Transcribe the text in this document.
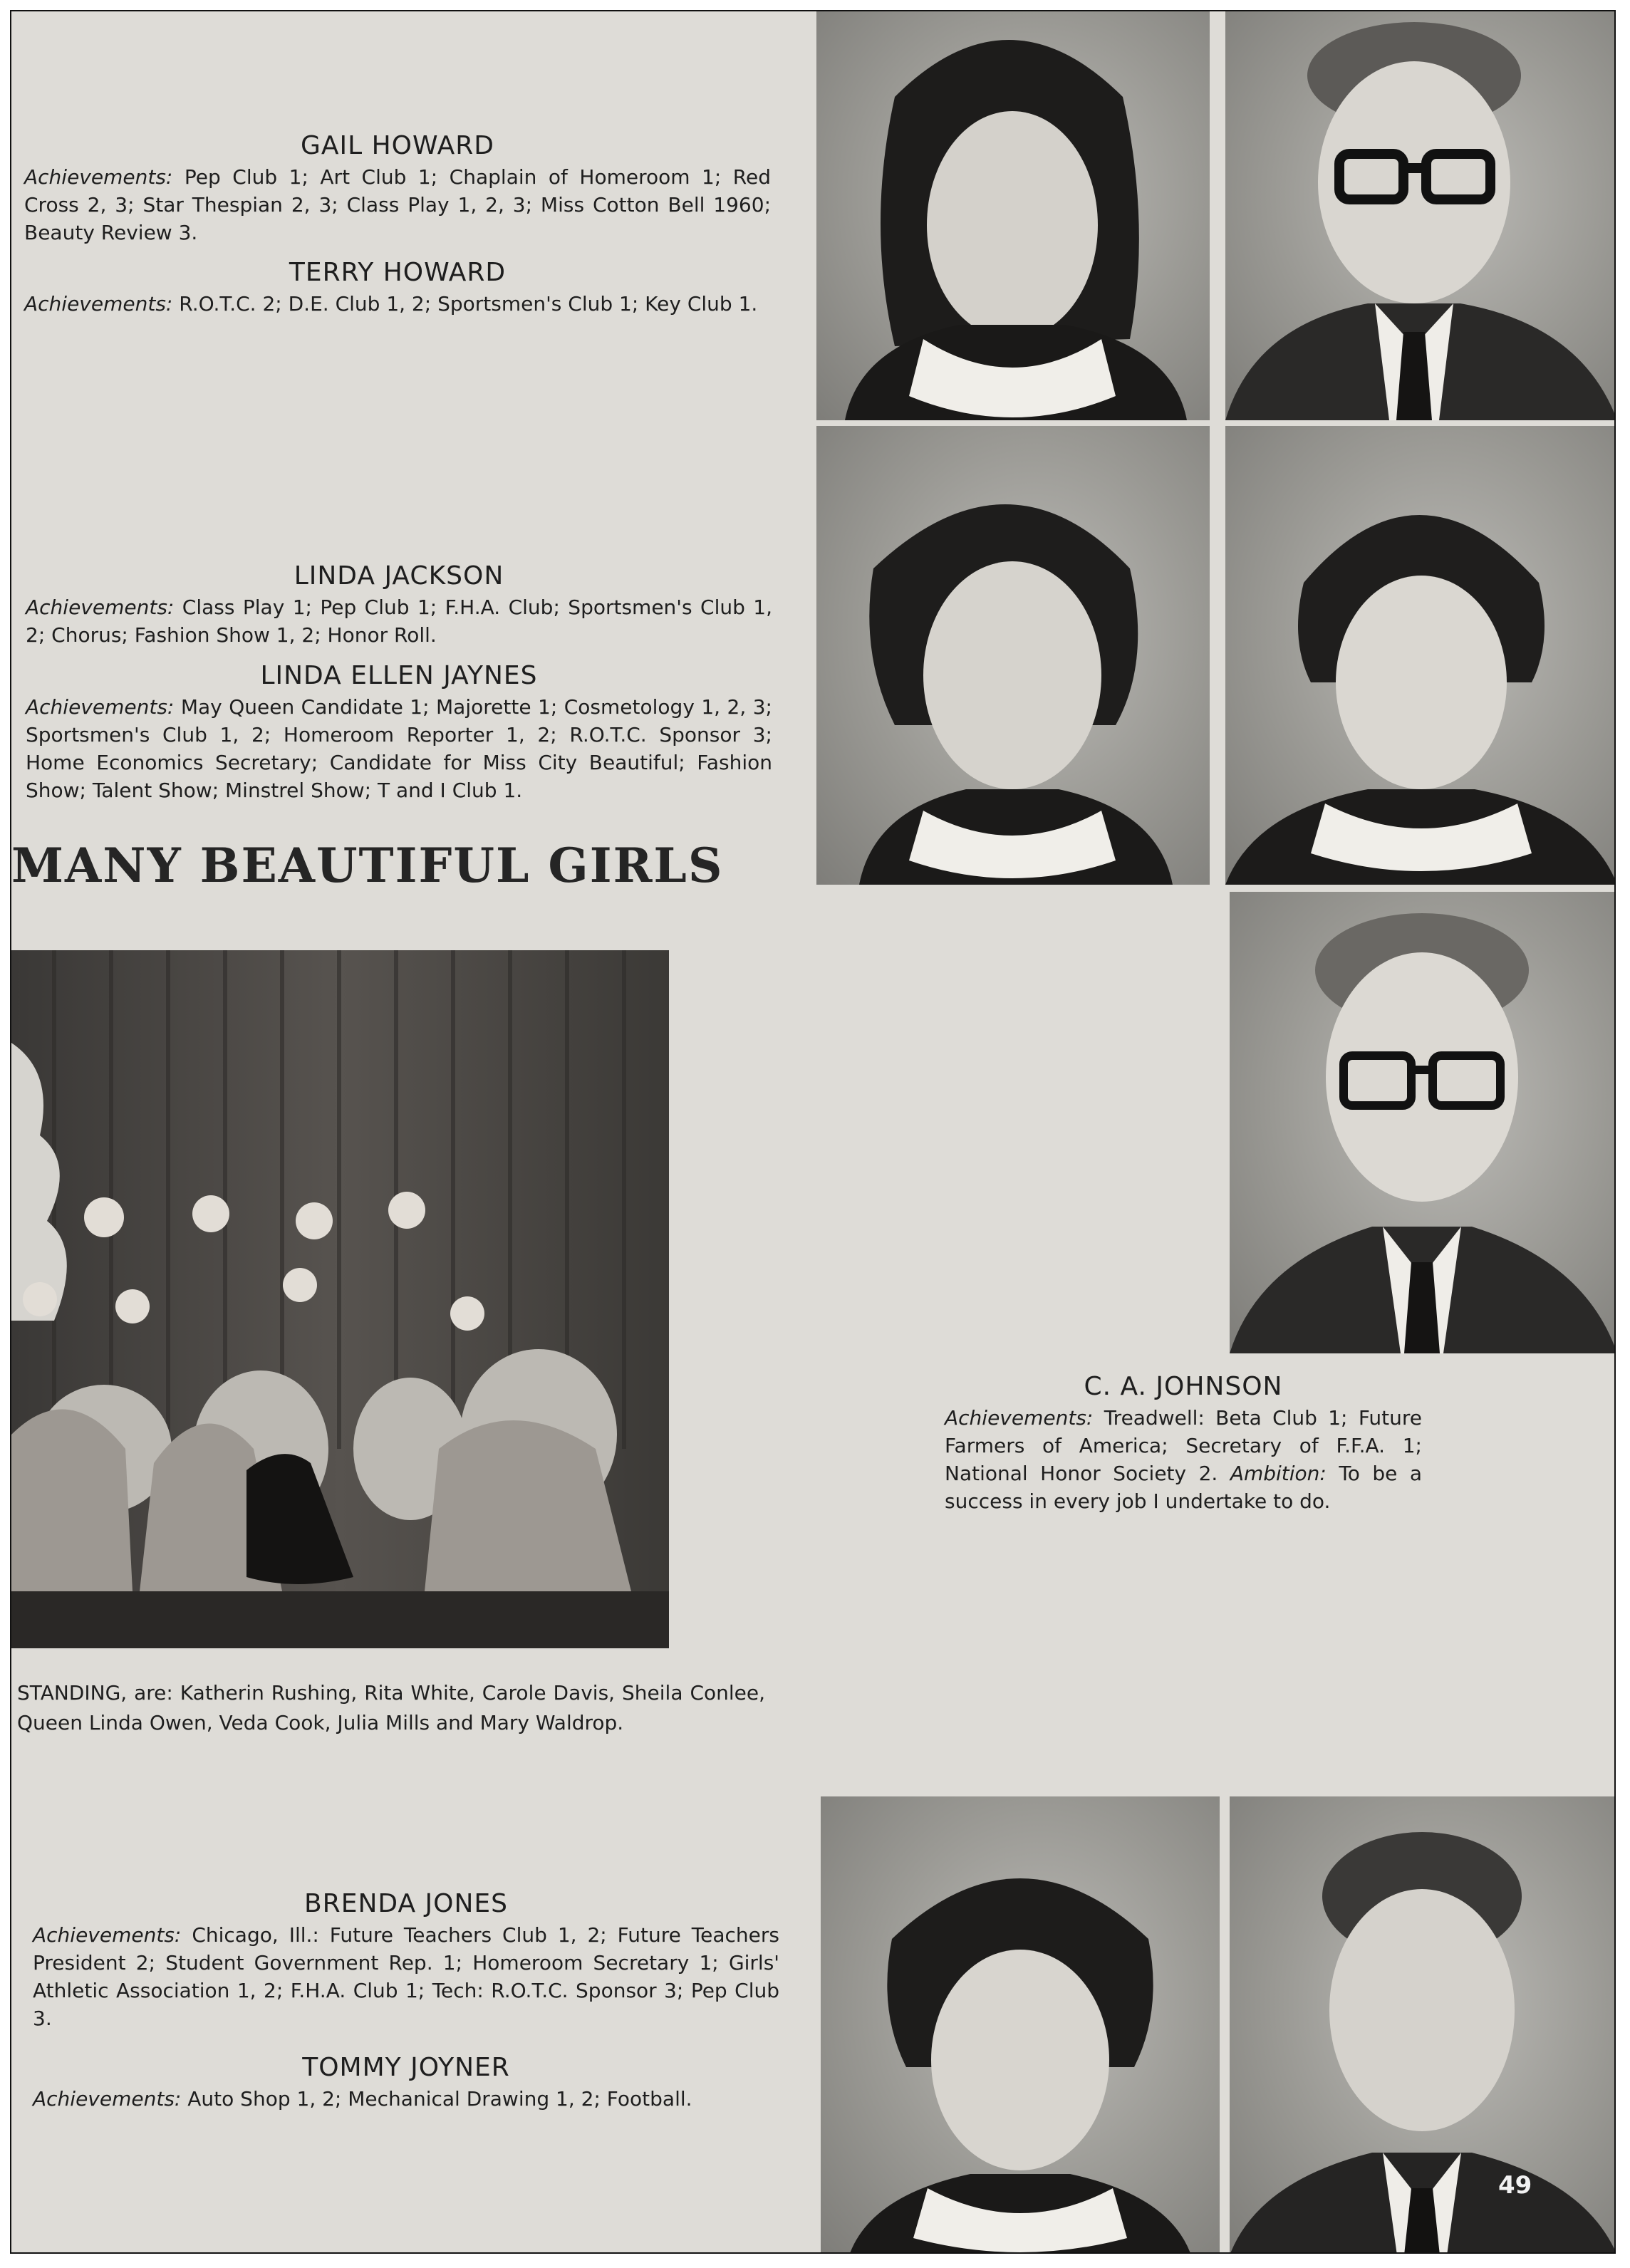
GAIL HOWARD
Achievements: Pep Club 1; Art Club 1; Chaplain of Homeroom 1; Red Cross 2, 3; Star Thespian 2, 3; Class Play 1, 2, 3; Miss Cotton Bell 1960; Beauty Review 3.
TERRY HOWARD
Achievements: R.O.T.C. 2; D.E. Club 1, 2; Sportsmen's Club 1; Key Club 1.
LINDA JACKSON
Achievements: Class Play 1; Pep Club 1; F.H.A. Club; Sportsmen's Club 1, 2; Chorus; Fashion Show 1, 2; Honor Roll.
LINDA ELLEN JAYNES
Achievements: May Queen Candidate 1; Majorette 1; Cosmetology 1, 2, 3; Sportsmen's Club 1, 2; Homeroom Reporter 1, 2; R.O.T.C. Sponsor 3; Home Economics Secretary; Candidate for Miss City Beautiful; Fashion Show; Talent Show; Minstrel Show; T and I Club 1.
MANY BEAUTIFUL GIRLS
STANDING, are: Katherin Rushing, Rita White, Carole Davis, Sheila Conlee, Queen Linda Owen, Veda Cook, Julia Mills and Mary Waldrop.
C. A. JOHNSON
Achievements: Treadwell: Beta Club 1; Future Farmers of America; Secretary of F.F.A. 1; National Honor Society 2. Ambition: To be a success in every job I undertake to do.
BRENDA JONES
Achievements: Chicago, Ill.: Future Teachers Club 1, 2; Future Teachers President 2; Student Government Rep. 1; Homeroom Secretary 1; Girls' Athletic Association 1, 2; F.H.A. Club 1; Tech: R.O.T.C. Sponsor 3; Pep Club 3.
TOMMY JOYNER
Achievements: Auto Shop 1, 2; Mechanical Drawing 1, 2; Football.
49
